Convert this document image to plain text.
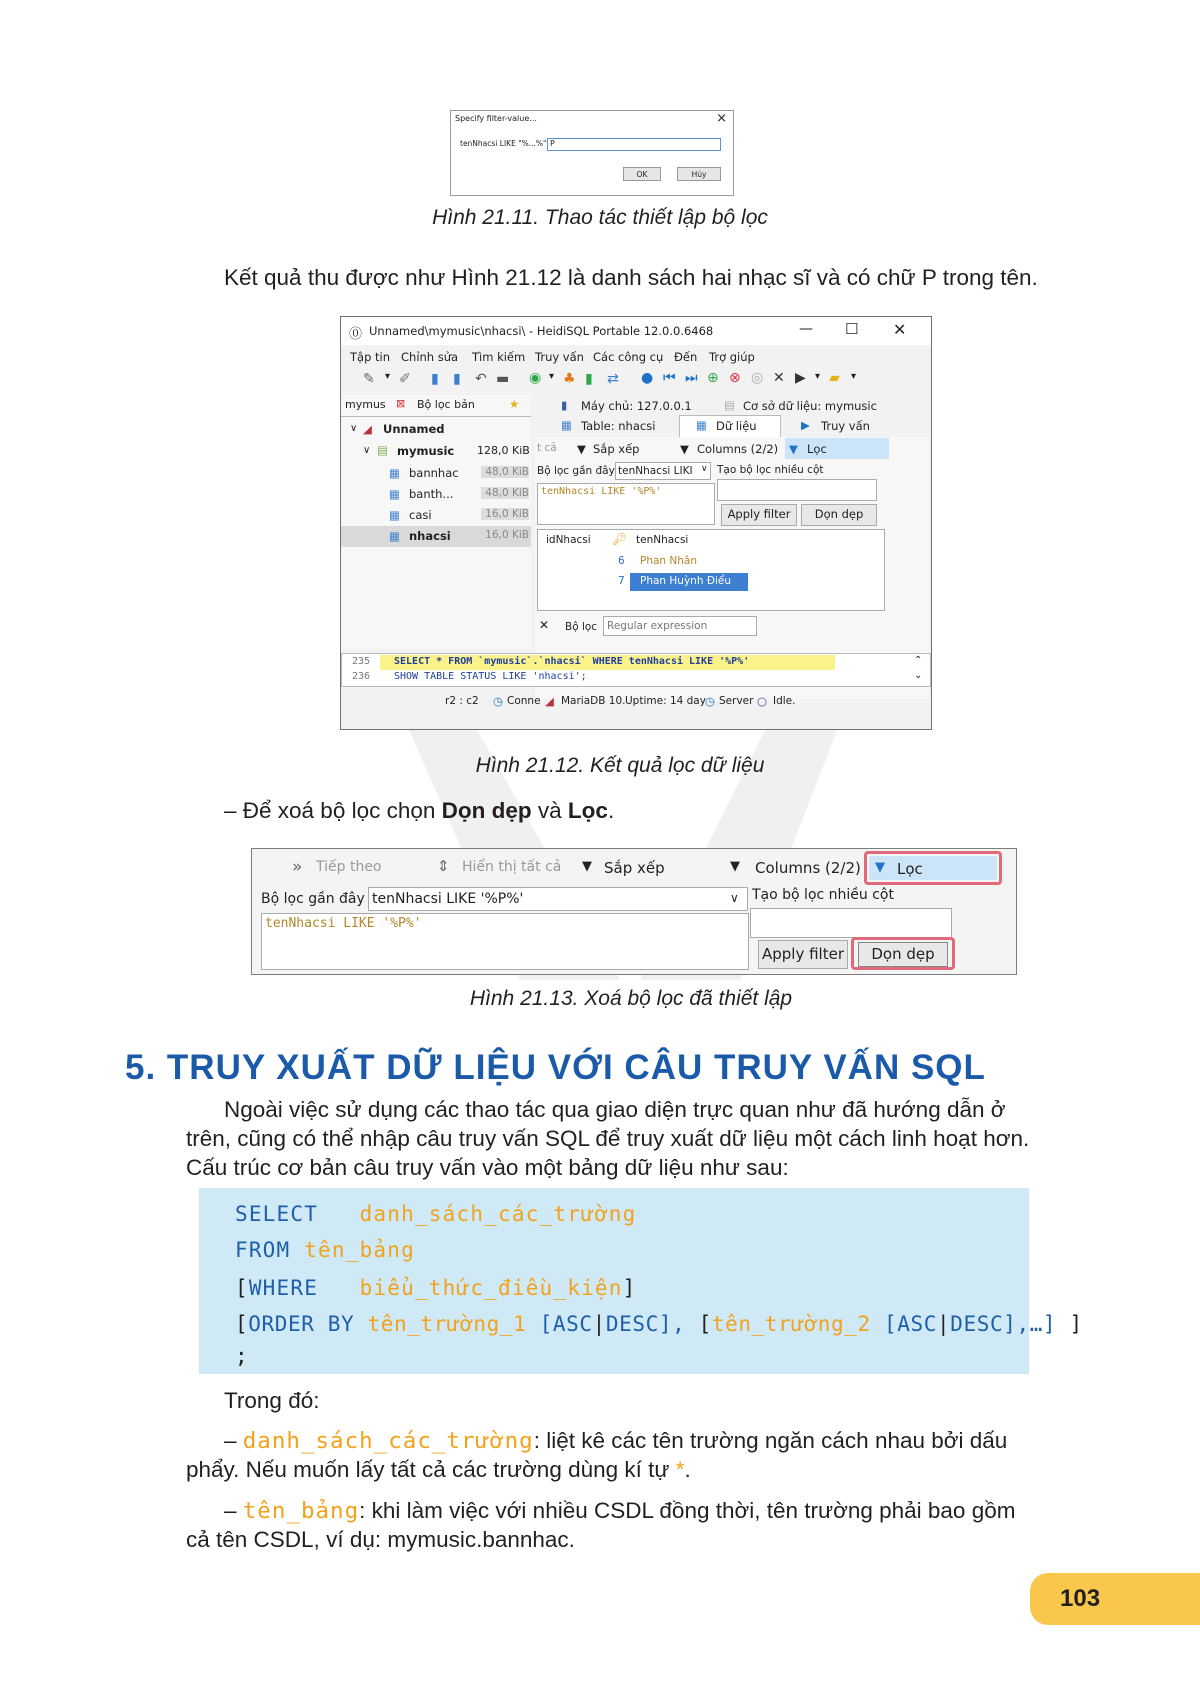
Specify filter-value...	×
tenNhacsi LIKE "%...%" P
OK	Hủy
Hình 21.11. Thao tác thiết lập bộ lọc
Kết quả thu được như Hình 21.12 là danh sách hai nhạc sĩ và có chữ P trong tên.
⓪ Unnamed\mymusic\nhacsi\ - HeidiSQL Portable 12.0.0.6468	— ☐ ✕
Tập tin Chỉnh sửa Tìm kiếm Truy vấn Các công cụ Đến Trợ giúp
✎ ▾ ✐ ▮ ▮ ↶ ▬ ◉ ▾ ♣ ▮ ⇄ ● ⏮ ⏭ ⊕ ⊗ ◎ ✕ ▶ ▾ ▰ ▾
mymus ⊠ Bộ lọc bản	★
∨ ◢ Unnamed
∨ ▤ mymusic 128,0 KiB
▦ bannhac	48,0 KiB
▦ banth...	48,0 KiB
▦ casi	16,0 KiB
▦ nhacsi	16,0 KiB
▮ Máy chủ: 127.0.0.1	▤ Cơ sở dữ liệu: mymusic
▦ Table: nhacsi	▦ Dữ liệu	▶ Truy vấn
t cả ▼ Sắp xếp	▼ Columns (2/2) ▼ Lọc
Bộ lọc gần đây tenNhacsi LIKI ∨ Tạo bộ lọc nhiều cột
tenNhacsi LIKE '%P%'
Apply filter	Dọn dẹp
idNhacsi 🔑︎ tenNhacsi
6 Phan Nhân
7 Phan Huỳnh Điểu
✕ Bộ lọc Regular expression
235 SELECT * FROM `mymusic`.`nhacsi` WHERE tenNhacsi LIKE '%P%'
236 SHOW TABLE STATUS LIKE 'nhacsi';
⌃
⌄
r2 : c2 ◷ Conne ◢ MariaDB 10. Uptime: 14 day ◷ Server ○ Idle.
Hình 21.12. Kết quả lọc dữ liệu
– Để xoá bộ lọc chọn Dọn dẹp và Lọc.
» Tiếp theo	⇕ Hiển thị tất cả ▼ Sắp xếp	▼ Columns (2/2) ▼ Lọc
Bộ lọc gần đây tenNhacsi LIKE '%P%'	∨ Tạo bộ lọc nhiều cột
tenNhacsi LIKE '%P%'
Apply filter	Dọn dẹp
Hình 21.13. Xoá bộ lọc đã thiết lập
5. TRUY XUẤT DỮ LIỆU VỚI CÂU TRUY VẤN SQL
Ngoài việc sử dụng các thao tác qua giao diện trực quan như đã hướng dẫn ở
trên, cũng có thể nhập câu truy vấn SQL để truy xuất dữ liệu một cách linh hoạt hơn.
Cấu trúc cơ bản câu truy vấn vào một bảng dữ liệu như sau:
SELECT danh_sách_các_trường
FROM tên_bảng
[WHERE biểu_thức_điều_kiện]
[ORDER BY tên_trường_1 [ASC|DESC], [tên_trường_2 [ASC|DESC],…] ]
;
Trong đó:
– danh_sách_các_trường: liệt kê các tên trường ngăn cách nhau bởi dấu
phẩy. Nếu muốn lấy tất cả các trường dùng kí tự *.
– tên_bảng: khi làm việc với nhiều CSDL đồng thời, tên trường phải bao gồm
cả tên CSDL, ví dụ: mymusic.bannhac.
103
